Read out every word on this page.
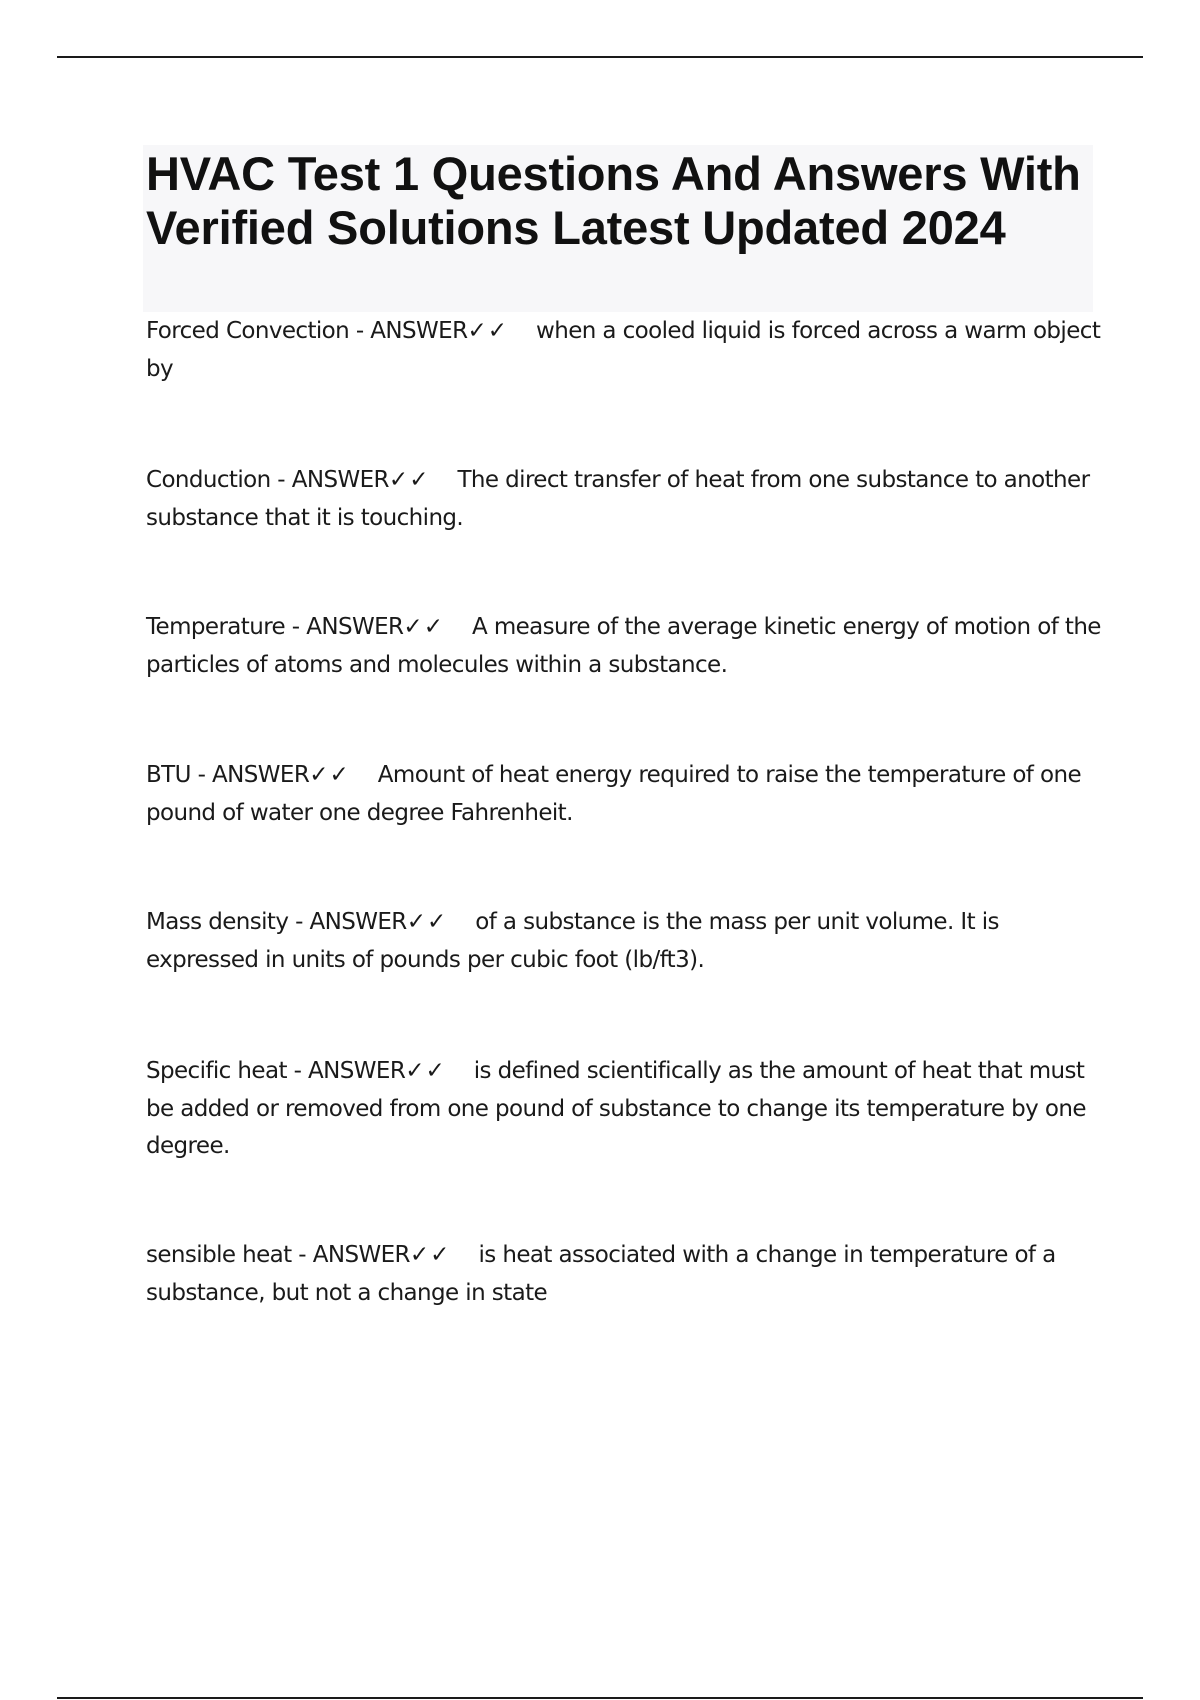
HVAC Test 1 Questions And Answers With Verified Solutions Latest Updated 2024
Forced Convection - ANSWER✓✓ when a cooled liquid is forced across a warm object by
Conduction - ANSWER✓✓ The direct transfer of heat from one substance to another substance that it is touching.
Temperature - ANSWER✓✓ A measure of the average kinetic energy of motion of the particles of atoms and molecules within a substance.
BTU - ANSWER✓✓ Amount of heat energy required to raise the temperature of one pound of water one degree Fahrenheit.
Mass density - ANSWER✓✓ of a substance is the mass per unit volume. It is expressed in units of pounds per cubic foot (lb/ft3).
Specific heat - ANSWER✓✓ is defined scientifically as the amount of heat that must be added or removed from one pound of substance to change its temperature by one degree.
sensible heat - ANSWER✓✓ is heat associated with a change in temperature of a substance, but not a change in state
